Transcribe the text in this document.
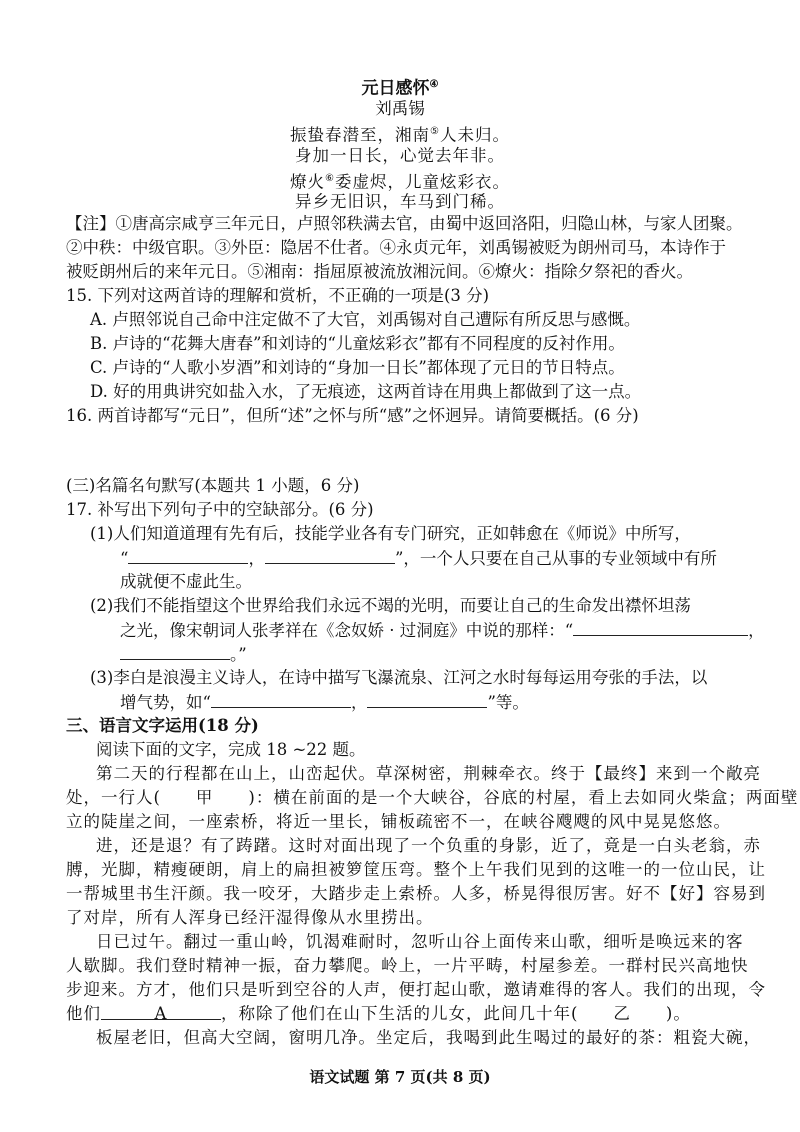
元日感怀④
刘禹锡
振蛰春潜至，湘南⑤人未归。
身加一日长，心觉去年非。
燎火⑥委虚烬，儿童炫彩衣。
异乡无旧识，车马到门稀。
【注】①唐高宗咸亨三年元日，卢照邻秩满去官，由蜀中返回洛阳，归隐山林，与家人团聚。
②中秩：中级官职。③外臣：隐居不仕者。④永贞元年，刘禹锡被贬为朗州司马，本诗作于
被贬朗州后的来年元日。⑤湘南：指屈原被流放湘沅间。⑥燎火：指除夕祭祀的香火。
15. 下列对这两首诗的理解和赏析，不正确的一项是(3 分)
A. 卢照邻说自己命中注定做不了大官，刘禹锡对自己遭际有所反思与感慨。
B. 卢诗的“花舞大唐春”和刘诗的“儿童炫彩衣”都有不同程度的反衬作用。
C. 卢诗的“人歌小岁酒”和刘诗的“身加一日长”都体现了元日的节日特点。
D. 好的用典讲究如盐入水，了无痕迹，这两首诗在用典上都做到了这一点。
16. 两首诗都写“元日”，但所“述”之怀与所“感”之怀迥异。请简要概括。(6 分)
(三)名篇名句默写(本题共 1 小题，6 分)
17. 补写出下列句子中的空缺部分。(6 分)
(1)人们知道道理有先有后，技能学业各有专门研究，正如韩愈在《师说》中所写，
“	，	”，一个人只要在自己从事的专业领域中有所
成就便不虚此生。
(2)我们不能指望这个世界给我们永远不竭的光明，而要让自己的生命发出襟怀坦荡
之光，像宋朝词人张孝祥在《念奴娇 · 过洞庭》中说的那样：“	，
。”
(3)李白是浪漫主义诗人，在诗中描写飞瀑流泉、江河之水时每每运用夸张的手法，以
增气势，如“	，	”等。
三、语言文字运用(18 分)
阅读下面的文字，完成 18 ~22 题。
第二天的行程都在山上，山峦起伏。草深树密，荆棘牵衣。终于【最终】来到一个敞亮
处，一行人(　　甲　　)：横在前面的是一个大峡谷，谷底的村屋，看上去如同火柴盒；两面壁
立的陡崖之间，一座索桥，将近一里长，铺板疏密不一，在峡谷飕飕的风中晃晃悠悠。
进，还是退？有了踌躇。这时对面出现了一个负重的身影，近了，竟是一白头老翁，赤
膊，光脚，精瘦硬朗，肩上的扁担被箩筐压弯。整个上午我们见到的这唯一的一位山民，让
一帮城里书生汗颜。我一咬牙，大踏步走上索桥。人多，桥晃得很厉害。好不【好】容易到
了对岸，所有人浑身已经汗湿得像从水里捞出。
日已过午。翻过一重山岭，饥渴难耐时，忽听山谷上面传来山歌，细听是唤远来的客
人歇脚。我们登时精神一振，奋力攀爬。岭上，一片平畴，村屋参差。一群村民兴高地快
步迎来。方才，他们只是听到空谷的人声，便打起山歌，邀请难得的客人。我们的出现，令
他们	A	，称除了他们在山下生活的儿女，此间几十年(　　乙　　)。
板屋老旧，但高大空阔，窗明几净。坐定后，我喝到此生喝过的最好的茶：粗瓷大碗，
语文试题 第 7 页(共 8 页)
